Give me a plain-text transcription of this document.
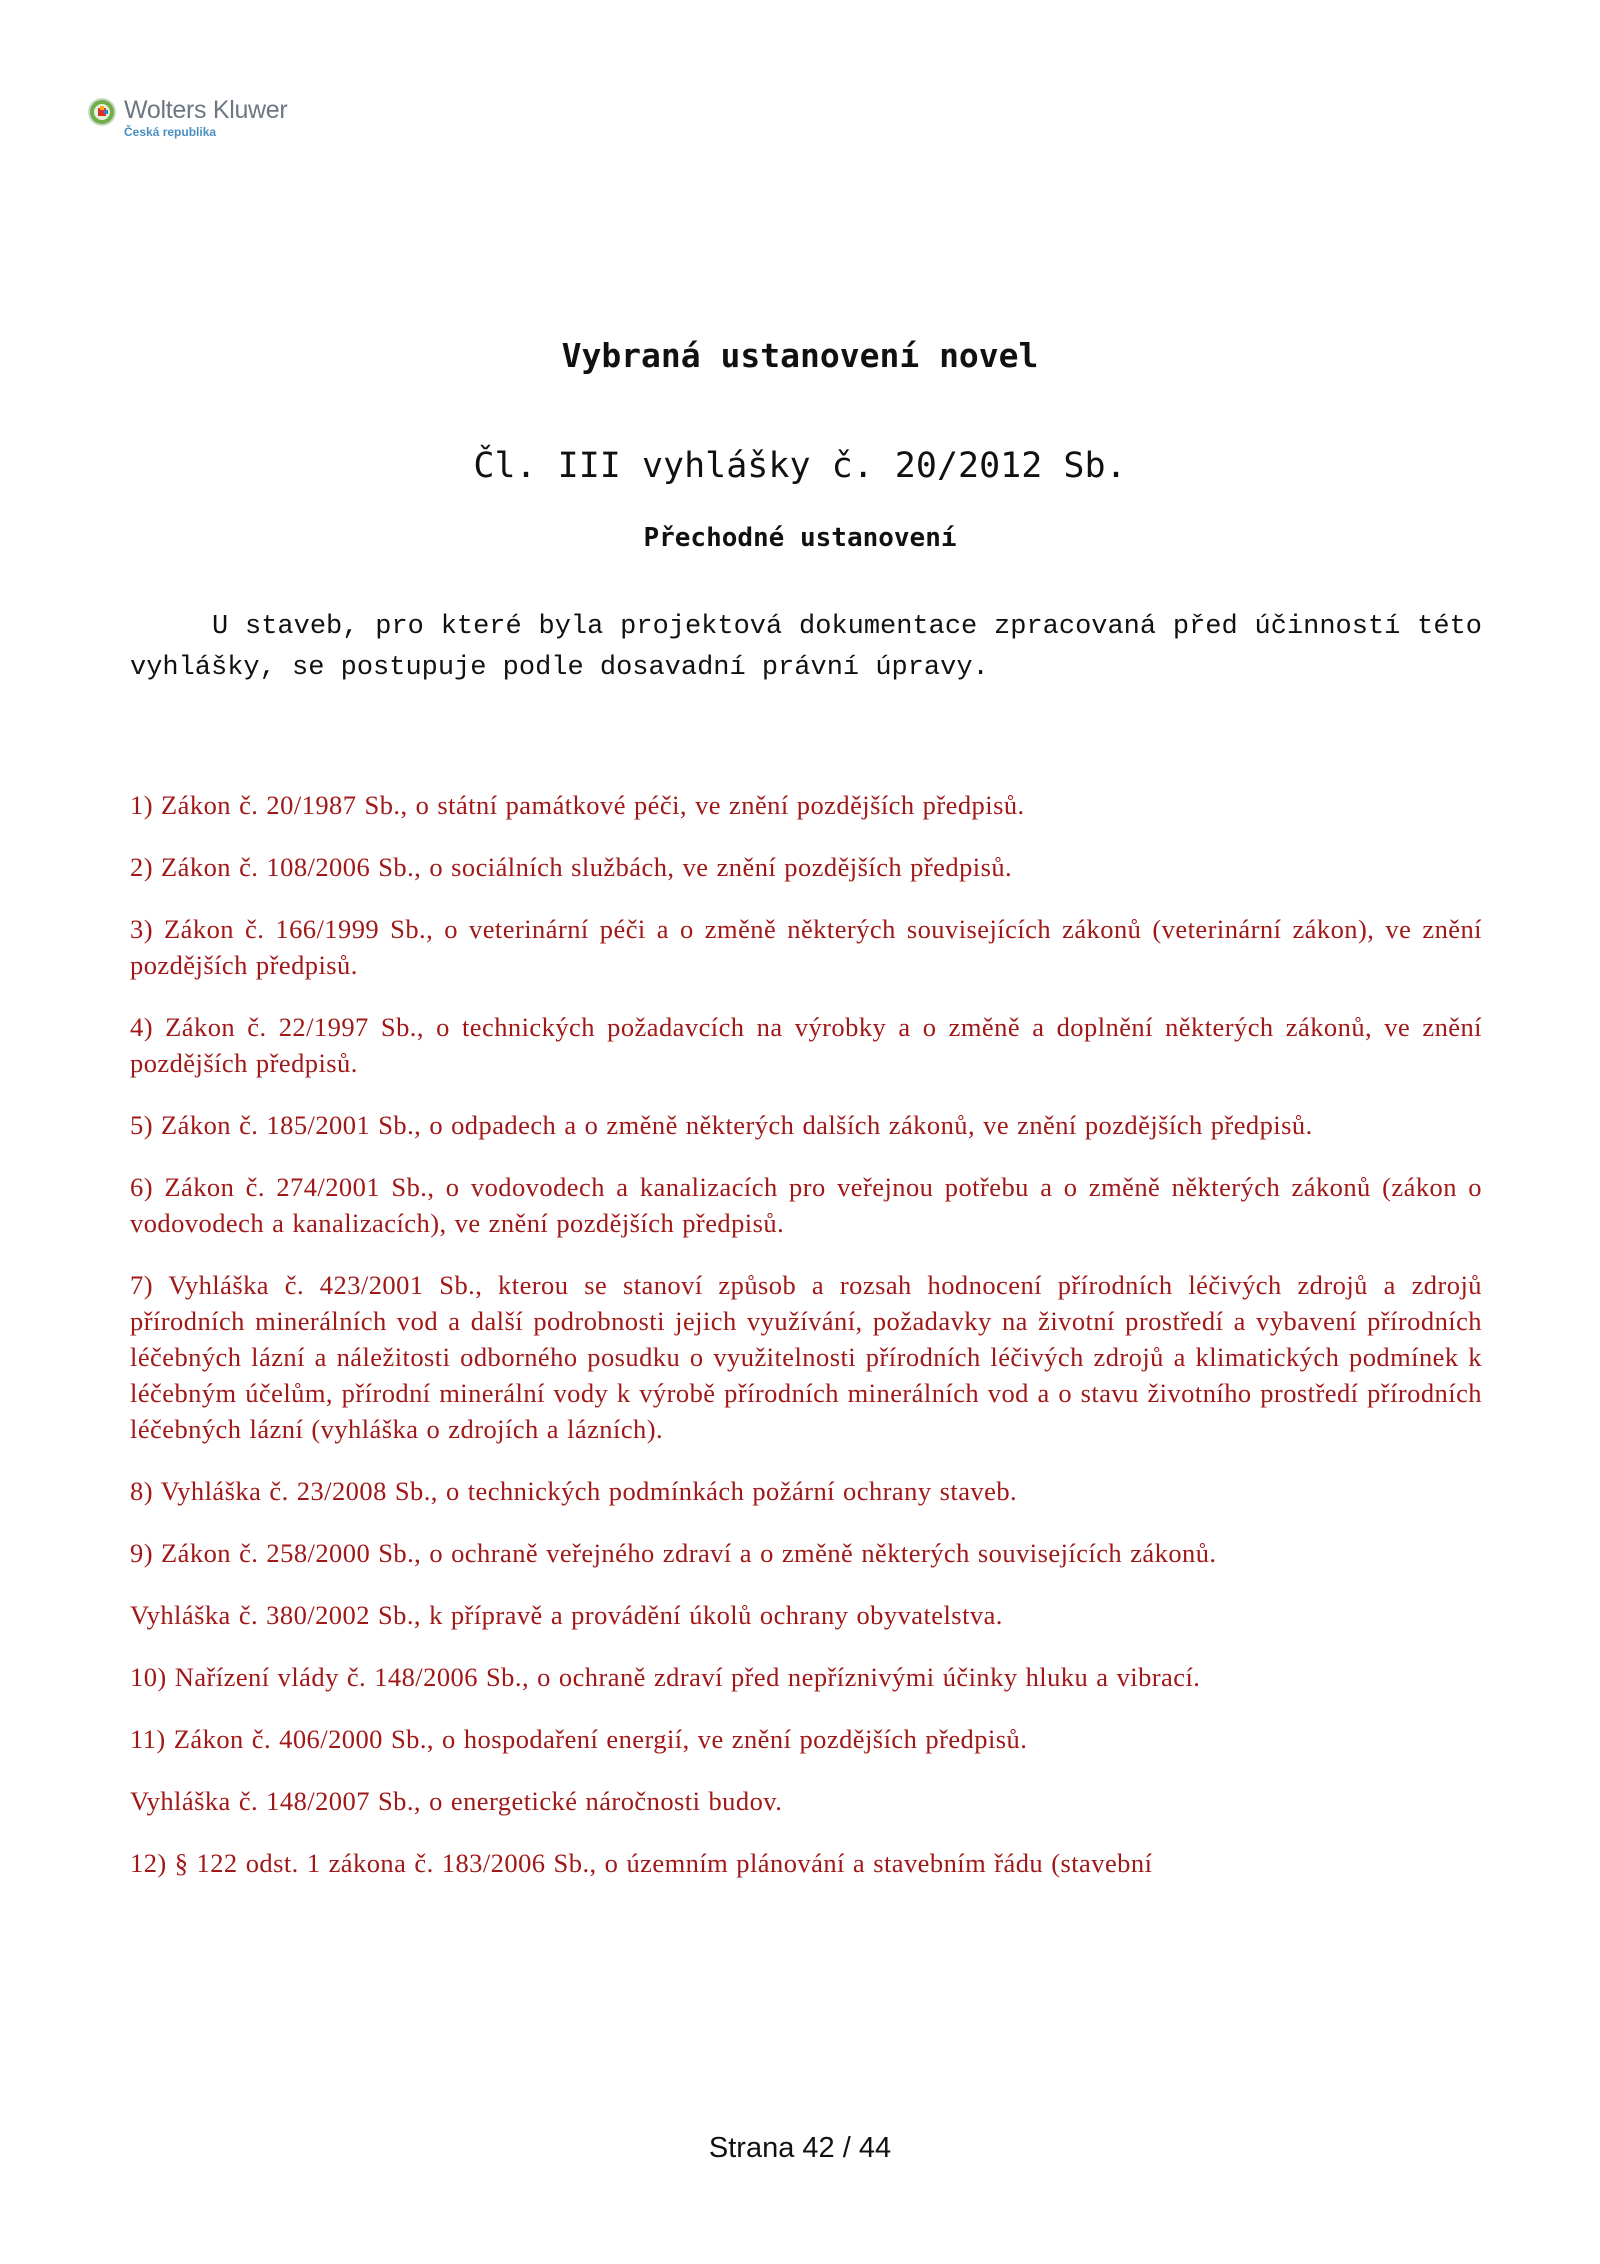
Wolters Kluwer
Česká republika
Vybraná ustanovení novel
Čl. III vyhlášky č. 20/2012 Sb.
Přechodné ustanovení

U staveb, pro které byla projektová dokumentace zpracovaná před účinností této vyhlášky, se postupuje podle dosavadní právní úpravy.

1) Zákon č. 20/1987 Sb., o státní památkové péči, ve znění pozdějších předpisů.

2) Zákon č. 108/2006 Sb., o sociálních službách, ve znění pozdějších předpisů.

3) Zákon č. 166/1999 Sb., o veterinární péči a o změně některých souvisejících zákonů (veterinární zákon), ve znění pozdějších předpisů.

4) Zákon č. 22/1997 Sb., o technických požadavcích na výrobky a o změně a doplnění některých zákonů, ve znění pozdějších předpisů.

5) Zákon č. 185/2001 Sb., o odpadech a o změně některých dalších zákonů, ve znění pozdějších předpisů.

6) Zákon č. 274/2001 Sb., o vodovodech a kanalizacích pro veřejnou potřebu a o změně některých zákonů (zákon o vodovodech a kanalizacích), ve znění pozdějších předpisů.

7) Vyhláška č. 423/2001 Sb., kterou se stanoví způsob a rozsah hodnocení přírodních léčivých zdrojů a zdrojů přírodních minerálních vod a další podrobnosti jejich využívání, požadavky na životní prostředí a vybavení přírodních léčebných lázní a náležitosti odborného posudku o využitelnosti přírodních léčivých zdrojů a klimatických podmínek k léčebným účelům, přírodní minerální vody k výrobě přírodních minerálních vod a o stavu životního prostředí přírodních léčebných lázní (vyhláška o zdrojích a lázních).

8) Vyhláška č. 23/2008 Sb., o technických podmínkách požární ochrany staveb.

9) Zákon č. 258/2000 Sb., o ochraně veřejného zdraví a o změně některých souvisejících zákonů.

Vyhláška č. 380/2002 Sb., k přípravě a provádění úkolů ochrany obyvatelstva.

10) Nařízení vlády č. 148/2006 Sb., o ochraně zdraví před nepříznivými účinky hluku a vibrací.

11) Zákon č. 406/2000 Sb., o hospodaření energií, ve znění pozdějších předpisů.

Vyhláška č. 148/2007 Sb., o energetické náročnosti budov.

12) § 122 odst. 1 zákona č. 183/2006 Sb., o územním plánování a stavebním řádu (stavební

Strana 42 / 44
